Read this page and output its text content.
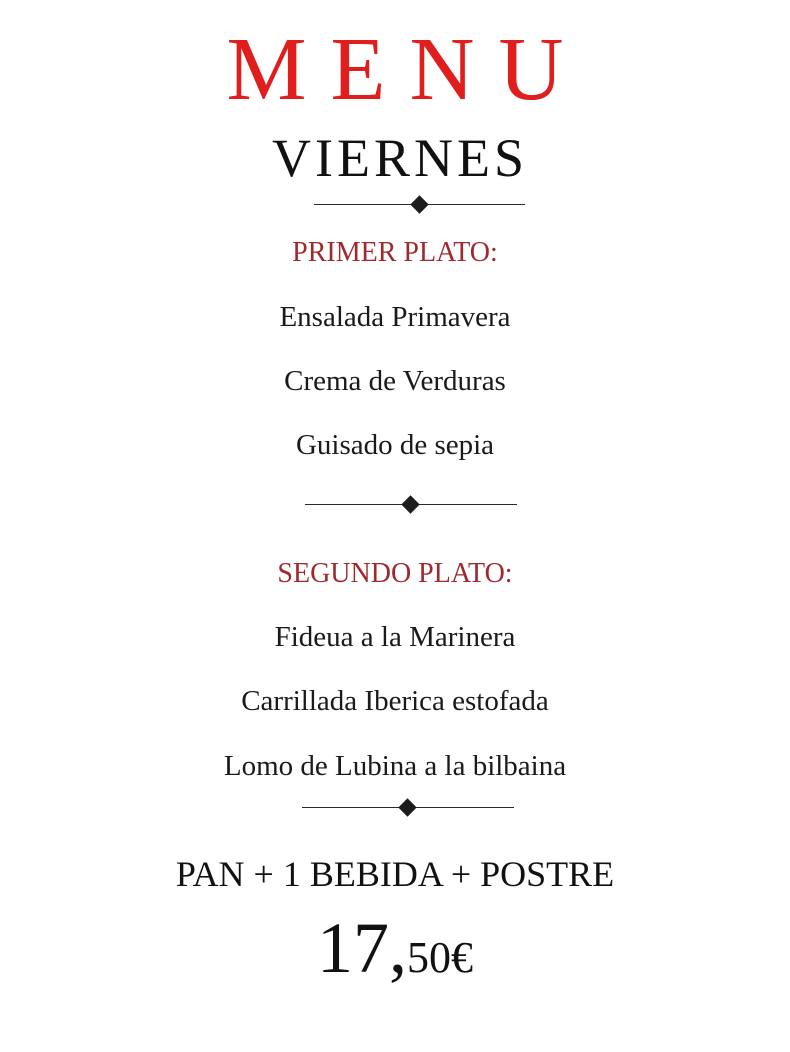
MENU
VIERNES
PRIMER PLATO:
Ensalada Primavera
Crema de Verduras
Guisado de sepia
SEGUNDO PLATO:
Fideua a la Marinera
Carrillada Iberica estofada
Lomo de Lubina a la bilbaina
PAN + 1 BEBIDA + POSTRE
17,50€
